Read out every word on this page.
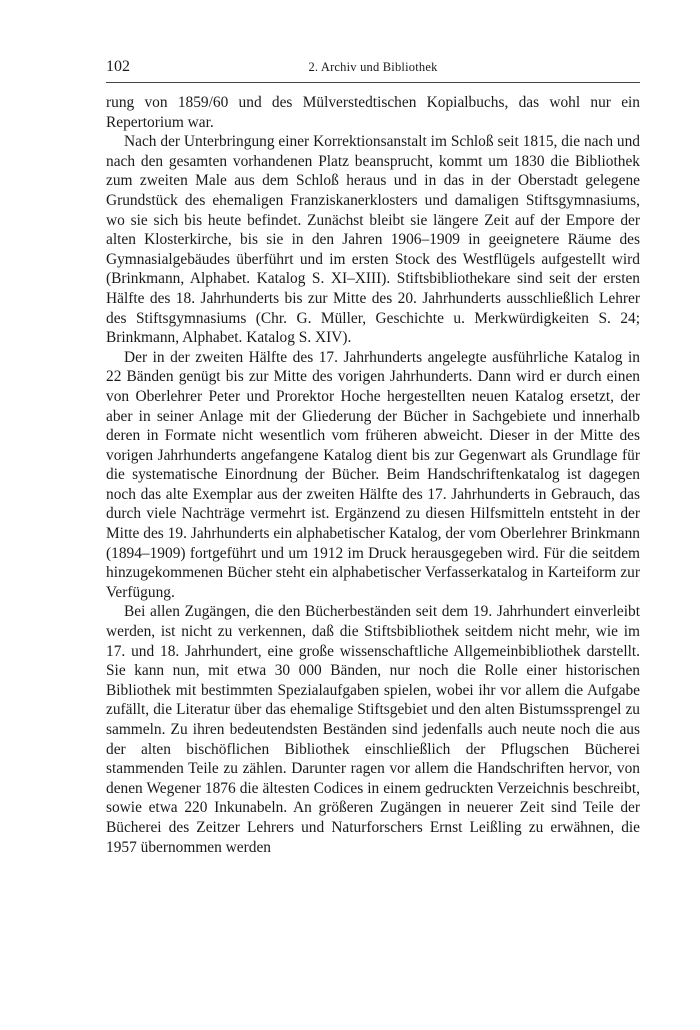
102	2. Archiv und Bibliothek

rung von 1859/60 und des Mülverstedtischen Kopialbuchs, das wohl nur ein Repertorium war.

Nach der Unterbringung einer Korrektionsanstalt im Schloß seit 1815, die nach und nach den gesamten vorhandenen Platz beansprucht, kommt um 1830 die Bibliothek zum zweiten Male aus dem Schloß heraus und in das in der Oberstadt gelegene Grundstück des ehemaligen Franziskanerklosters und damaligen Stiftsgymnasiums, wo sie sich bis heute befindet. Zunächst bleibt sie längere Zeit auf der Empore der alten Klosterkirche, bis sie in den Jahren 1906–1909 in geeignetere Räume des Gymnasialgebäudes überführt und im ersten Stock des Westflügels aufgestellt wird (Brinkmann, Alphabet. Katalog S. XI–XIII). Stiftsbibliothekare sind seit der ersten Hälfte des 18. Jahrhunderts bis zur Mitte des 20. Jahrhunderts ausschließlich Lehrer des Stiftsgymnasiums (Chr. G. Müller, Geschichte u. Merkwürdigkeiten S. 24; Brinkmann, Alphabet. Katalog S. XIV).

Der in der zweiten Hälfte des 17. Jahrhunderts angelegte ausführliche Katalog in 22 Bänden genügt bis zur Mitte des vorigen Jahrhunderts. Dann wird er durch einen von Oberlehrer Peter und Prorektor Hoche hergestellten neuen Katalog ersetzt, der aber in seiner Anlage mit der Gliederung der Bücher in Sachgebiete und innerhalb deren in Formate nicht wesentlich vom früheren abweicht. Dieser in der Mitte des vorigen Jahrhunderts angefangene Katalog dient bis zur Gegenwart als Grundlage für die systematische Einordnung der Bücher. Beim Handschriftenkatalog ist dagegen noch das alte Exemplar aus der zweiten Hälfte des 17. Jahrhunderts in Gebrauch, das durch viele Nachträge vermehrt ist. Ergänzend zu diesen Hilfsmitteln entsteht in der Mitte des 19. Jahrhunderts ein alphabetischer Katalog, der vom Oberlehrer Brinkmann (1894–1909) fortgeführt und um 1912 im Druck herausgegeben wird. Für die seitdem hinzugekommenen Bücher steht ein alphabetischer Verfasserkatalog in Karteiform zur Verfügung.

Bei allen Zugängen, die den Bücherbeständen seit dem 19. Jahrhundert einverleibt werden, ist nicht zu verkennen, daß die Stiftsbibliothek seitdem nicht mehr, wie im 17. und 18. Jahrhundert, eine große wissenschaftliche Allgemeinbibliothek darstellt. Sie kann nun, mit etwa 30 000 Bänden, nur noch die Rolle einer historischen Bibliothek mit bestimmten Spezialaufgaben spielen, wobei ihr vor allem die Aufgabe zufällt, die Literatur über das ehemalige Stiftsgebiet und den alten Bistumssprengel zu sammeln. Zu ihren bedeutendsten Beständen sind jedenfalls auch neute noch die aus der alten bischöflichen Bibliothek einschließlich der Pflugschen Bücherei stammenden Teile zu zählen. Darunter ragen vor allem die Handschriften hervor, von denen Wegener 1876 die ältesten Codices in einem gedruckten Verzeichnis beschreibt, sowie etwa 220 Inkunabeln. An größeren Zugängen in neuerer Zeit sind Teile der Bücherei des Zeitzer Lehrers und Naturforschers Ernst Leißling zu erwähnen, die 1957 übernommen werden
